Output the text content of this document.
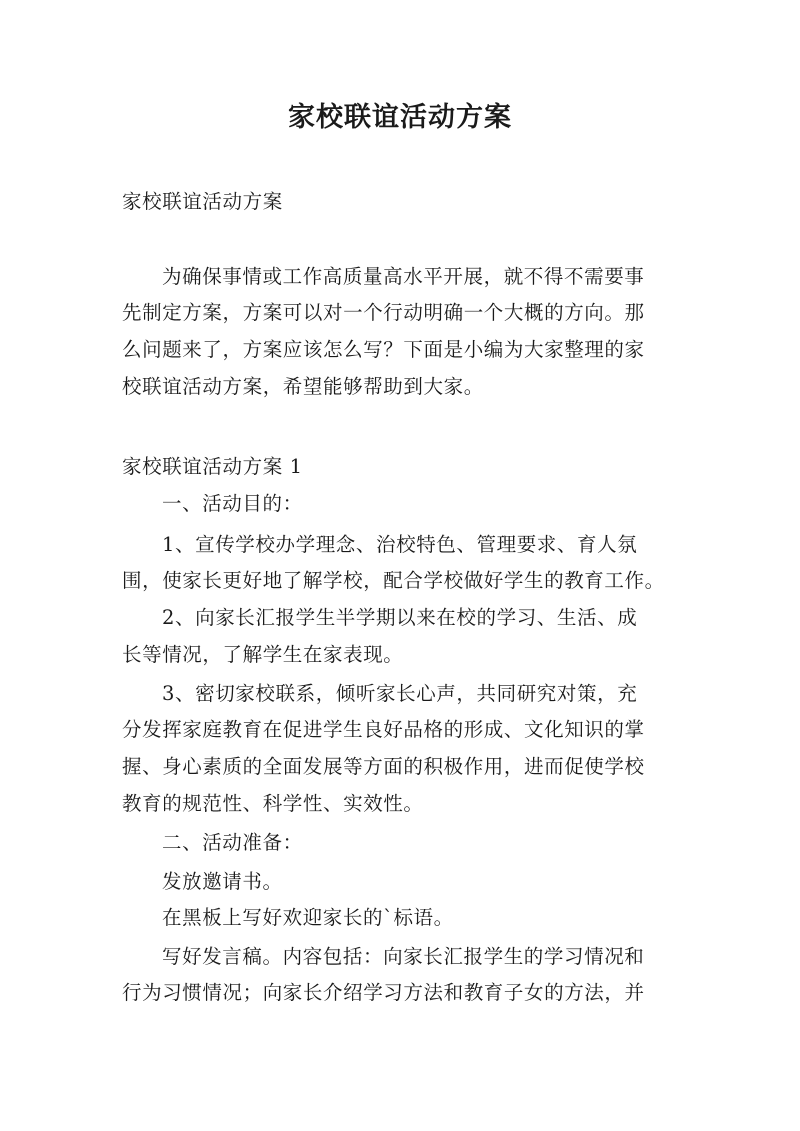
家校联谊活动方案
家校联谊活动方案
为确保事情或工作高质量高水平开展，就不得不需要事
先制定方案，方案可以对一个行动明确一个大概的方向。那
么问题来了，方案应该怎么写？下面是小编为大家整理的家
校联谊活动方案，希望能够帮助到大家。
家校联谊活动方案 1
一、活动目的：
1、宣传学校办学理念、治校特色、管理要求、育人氛
围，使家长更好地了解学校，配合学校做好学生的教育工作。
2、向家长汇报学生半学期以来在校的学习、生活、成
长等情况，了解学生在家表现。
3、密切家校联系，倾听家长心声，共同研究对策，充
分发挥家庭教育在促进学生良好品格的形成、文化知识的掌
握、身心素质的全面发展等方面的积极作用，进而促使学校
教育的规范性、科学性、实效性。
二、活动准备：
发放邀请书。
在黑板上写好欢迎家长的`标语。
写好发言稿。内容包括：向家长汇报学生的学习情况和
行为习惯情况；向家长介绍学习方法和教育子女的方法，并
